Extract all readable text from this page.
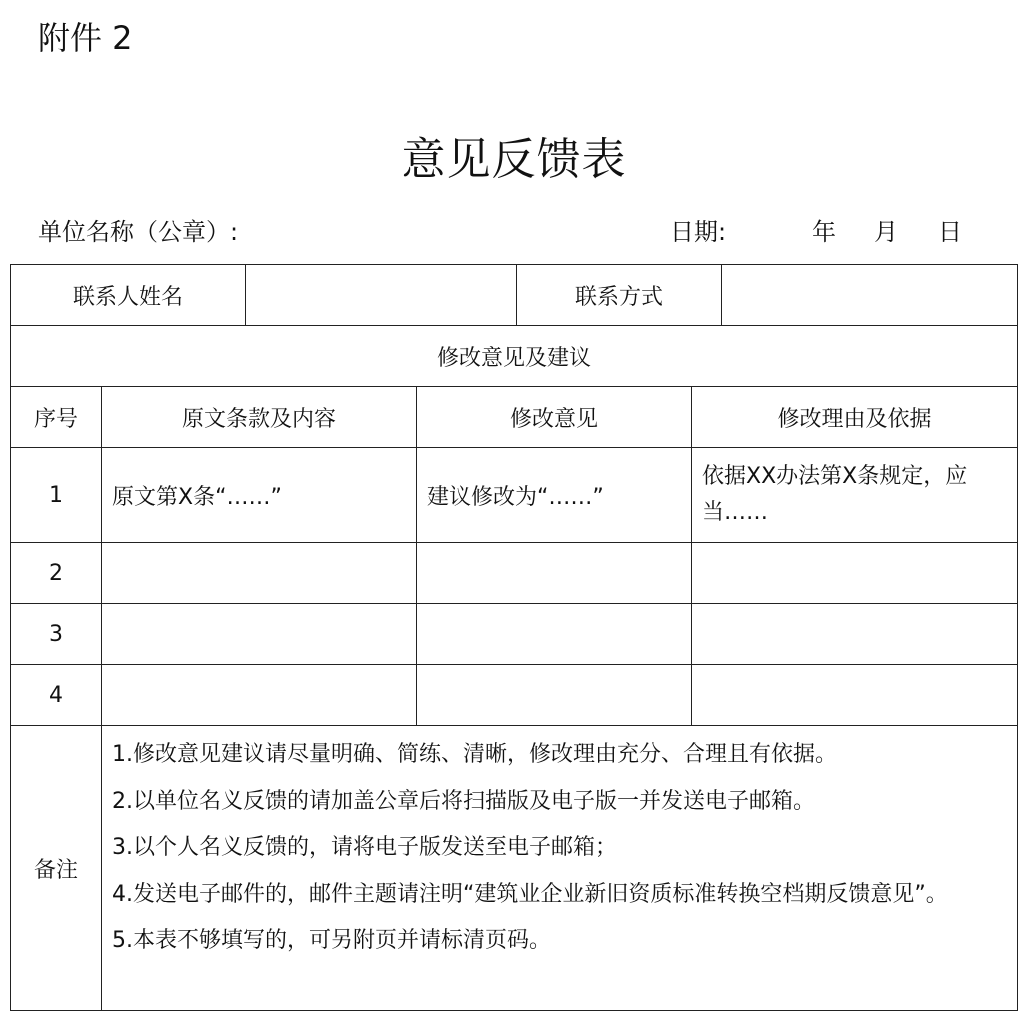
附件 2
意见反馈表
单位名称（公章）:	日期:	年 月 日
联系人姓名				联系方式		
修改意见及建议						
序号	原文条款及内容		修改意见		修改理由及依据	
1	原文第X条“……”		建议修改为“……”		依据XX办法第X条规定，应当……	
2						
3						
4						
备注	1.修改意见建议请尽量明确、简练、清晰，修改理由充分、合理且有依据。

2.以单位名义反馈的请加盖公章后将扫描版及电子版一并发送电子邮箱。

3.以个人名义反馈的，请将电子版发送至电子邮箱；

4.发送电子邮件的，邮件主题请注明“建筑业企业新旧资质标准转换空档期反馈意见”。

5.本表不够填写的，可另附页并请标清页码。					
